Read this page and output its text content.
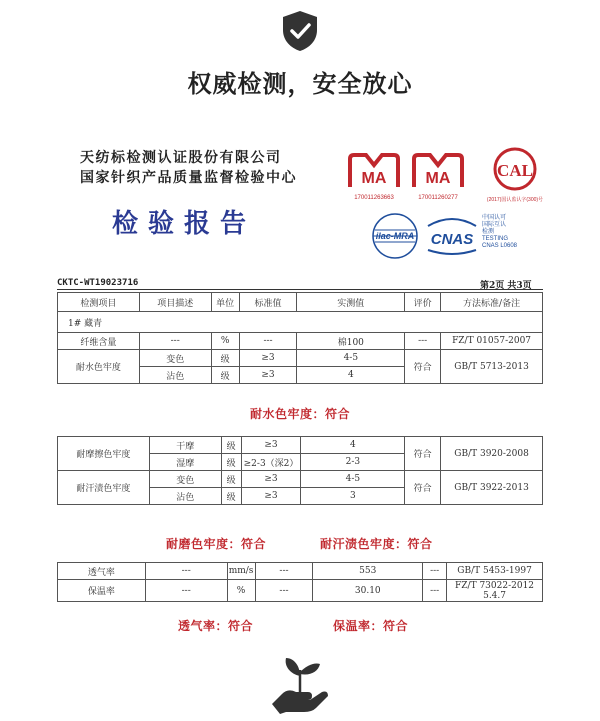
权威检测，安全放心
天纺标检测认证股份有限公司
国家针织产品质量监督检验中心
检验报告
MA
170011263663
MA
170011260277
CAL
(2017)国认监认字(300)号
ilac-MRA CNAS
中国认可
国际互认
检测
TESTING
CNAS L0608
CKTC-WT19023716	第2页 共3页
检测项目	项目描述	单位	标准值	实测值	评价	方法标准/备注
1# 藏青						
纤维含量	---	%	---	棉100	---	FZ/T 01057-2007
耐水色牢度	变色	级	≥3	4-5	符合	GB/T 5713-2013
	沾色	级	≥3	4		
耐水色牢度：符合
耐摩擦色牢度	干摩	级	≥3	4	符合	GB/T 3920-2008
	湿摩	级	≥2-3（深2）	2-3		
耐汗渍色牢度	变色	级	≥3	4-5	符合	GB/T 3922-2013
	沾色	级	≥3	3		
耐磨色牢度：符合	耐汗渍色牢度：符合
透气率	---	mm/s	---	553	---	GB/T 5453-1997
保温率	---	%	---	30.10	---	FZ/T 73022-2012
5.4.7
透气率：符合	保温率：符合
